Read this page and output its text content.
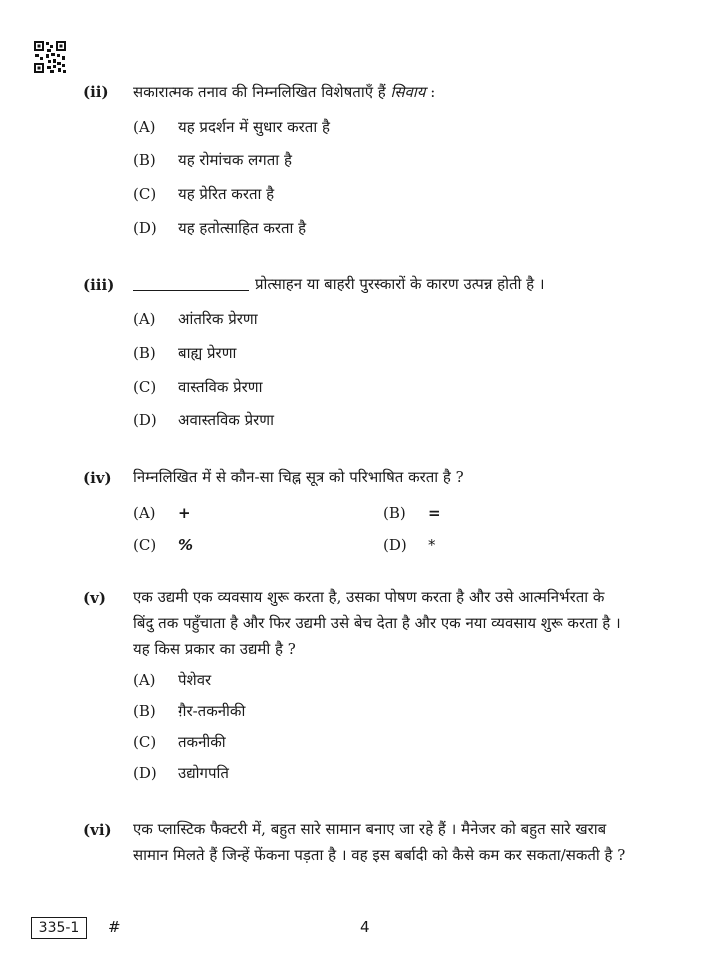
(ii) सकारात्मक तनाव की निम्नलिखित विशेषताएँ हैं सिवाय :
(A) यह प्रदर्शन में सुधार करता है
(B) यह रोमांचक लगता है
(C) यह प्रेरित करता है
(D) यह हतोत्साहित करता है
(iii)	प्रोत्साहन या बाहरी पुरस्कारों के कारण उत्पन्न होती है ।
(A) आंतरिक प्रेरणा
(B) बाह्य प्रेरणा
(C) वास्तविक प्रेरणा
(D) अवास्तविक प्रेरणा
(iv) निम्नलिखित में से कौन-सा चिह्न सूत्र को परिभाषित करता है ?
(A) +	(B) =
(C) %	(D) *
(v) एक उद्यमी एक व्यवसाय शुरू करता है, उसका पोषण करता है और उसे आत्मनिर्भरता के
बिंदु तक पहुँचाता है और फिर उद्यमी उसे बेच देता है और एक नया व्यवसाय शुरू करता है ।
यह किस प्रकार का उद्यमी है ?
(A) पेशेवर
(B) ग़ैर-तकनीकी
(C) तकनीकी
(D) उद्योगपति
(vi) एक प्लास्टिक फैक्टरी में, बहुत सारे सामान बनाए जा रहे हैं । मैनेजर को बहुत सारे खराब
सामान मिलते हैं जिन्हें फेंकना पड़ता है । वह इस बर्बादी को कैसे कम कर सकता/सकती है ?
335-1	#	4
